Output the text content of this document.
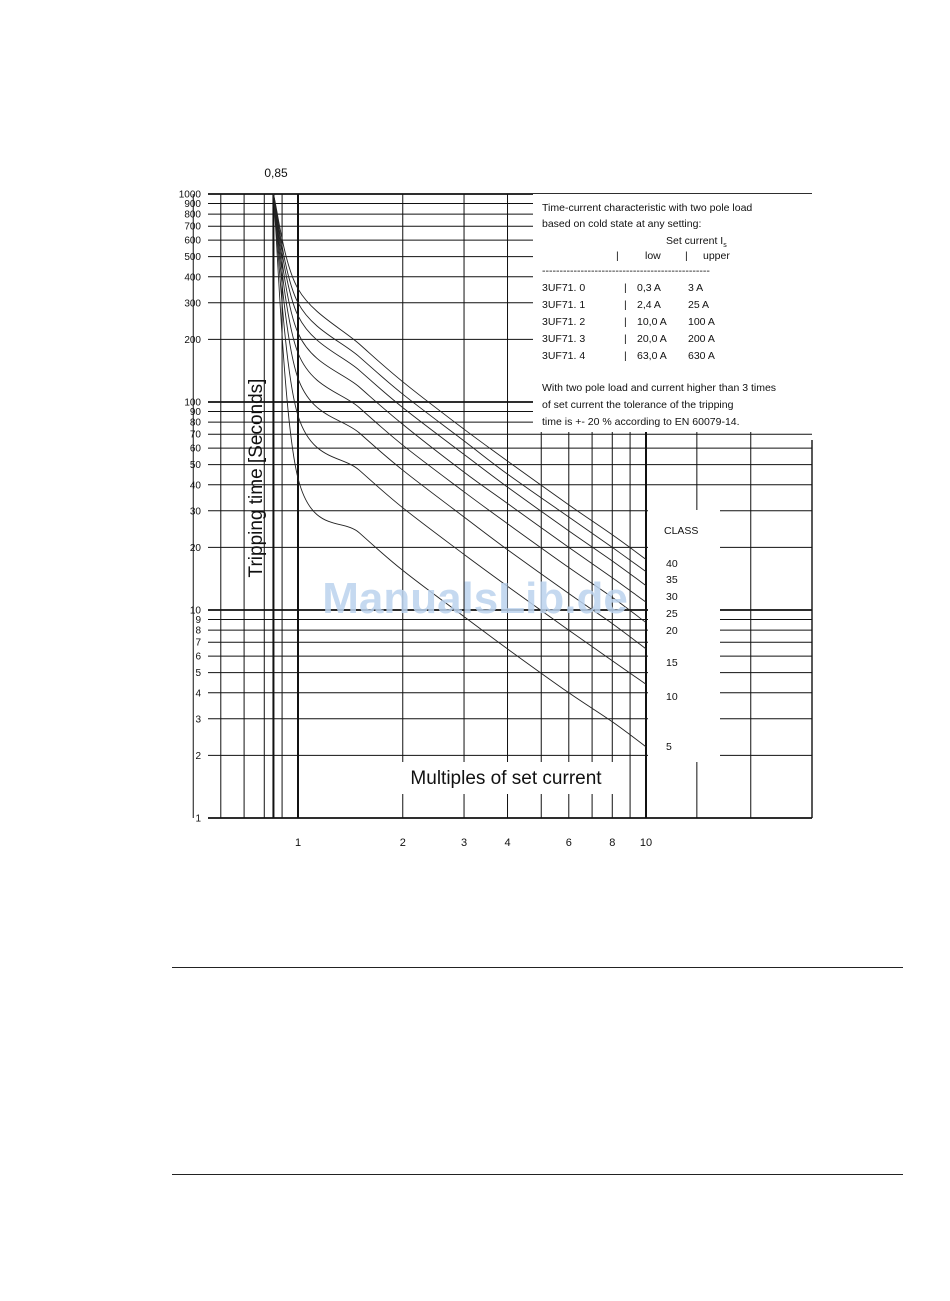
1
2
3
4
5
6
7
8
9
10
20
30
40
50
60
70
80
90
100
200
300
400
500
600
700
800
900
1000
1	2	3	4	6	8 10
0,85
Tripping time [Seconds]
Multiples of set current
Time-current characteristic with two pole load
based on cold state at any setting:
Set current $I_s$
|	low | upper
------------------------------------------------
3UF71. 0	| 0,3 A	3 A
3UF71. 1	| 2,4 A	25 A
3UF71. 2	| 10,0 A 100 A
3UF71. 3	| 20,0 A 200 A
3UF71. 4	| 63,0 A 630 A
With two pole load and current higher than 3 times
of set current the tolerance of the tripping
time is +- 20 % according to EN 60079-14.
CLASS
40
35
30
25
20
15
10
5
ManualsLib.de
